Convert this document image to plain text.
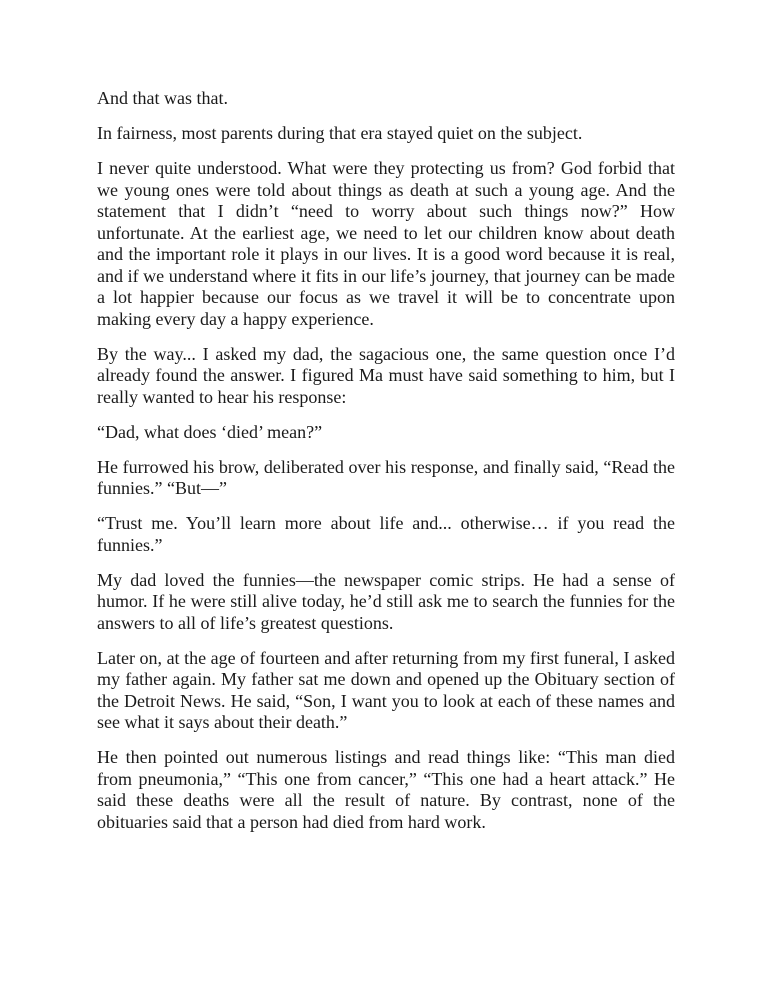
And that was that.

In fairness, most parents during that era stayed quiet on the subject.

I never quite understood. What were they protecting us from? God forbid that we young ones were told about things as death at such a young age. And the statement that I didn’t “need to worry about such things now?” How unfortunate. At the earliest age, we need to let our children know about death and the important role it plays in our lives. It is a good word because it is real, and if we understand where it fits in our life’s journey, that journey can be made a lot happier because our focus as we travel it will be to concentrate upon making every day a happy experience.

By the way... I asked my dad, the sagacious one, the same question once I’d already found the answer. I figured Ma must have said something to him, but I really wanted to hear his response:

“Dad, what does ‘died’ mean?”

He furrowed his brow, deliberated over his response, and finally said, “Read the funnies.” “But—”

“Trust me. You’ll learn more about life and... otherwise… if you read the funnies.”

My dad loved the funnies—the newspaper comic strips. He had a sense of humor. If he were still alive today, he’d still ask me to search the funnies for the answers to all of life’s greatest questions.

Later on, at the age of fourteen and after returning from my first funeral, I asked my father again. My father sat me down and opened up the Obituary section of the Detroit News. He said, “Son, I want you to look at each of these names and see what it says about their death.”

He then pointed out numerous listings and read things like: “This man died from pneumonia,” “This one from cancer,” “This one had a heart attack.” He said these deaths were all the result of nature. By contrast, none of the obituaries said that a person had died from hard work.
